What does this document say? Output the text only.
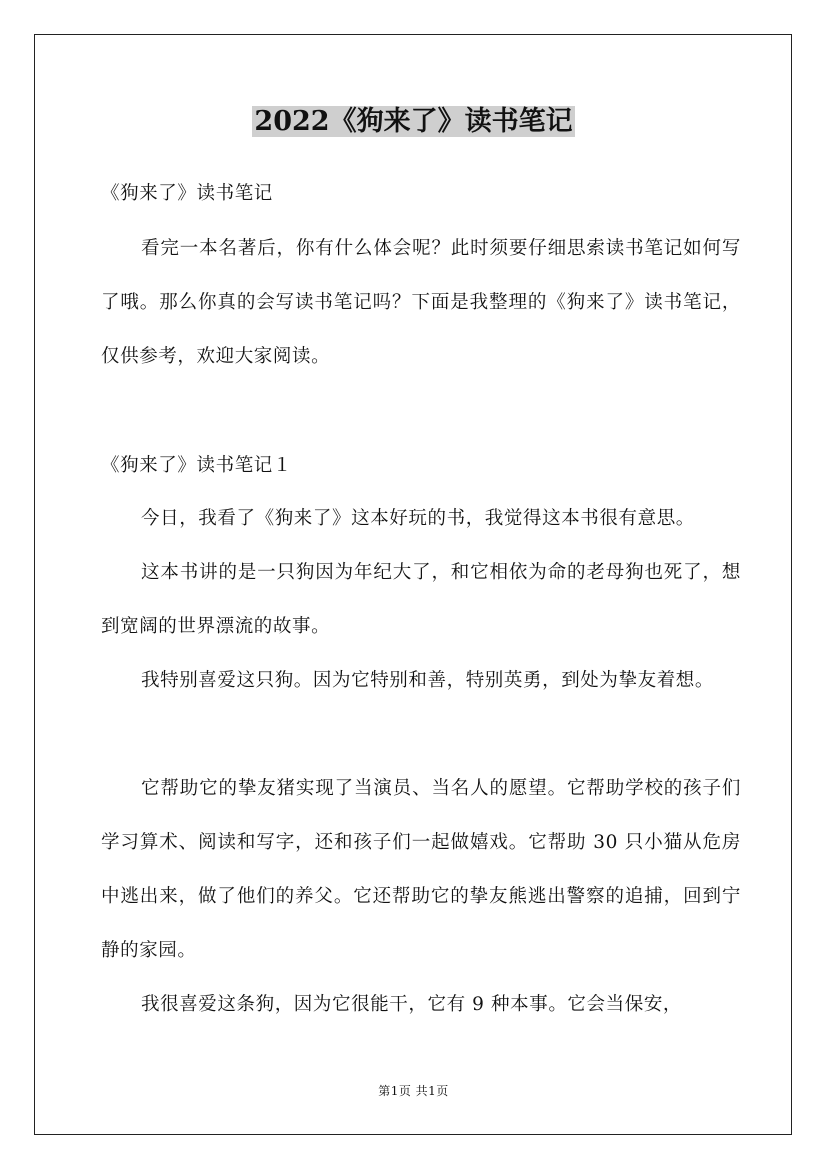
2022《狗来了》读书笔记

《狗来了》读书笔记

看完一本名著后，你有什么体会呢？此时须要仔细思索读书笔记如何写了哦。那么你真的会写读书笔记吗？下面是我整理的《狗来了》读书笔记，仅供参考，欢迎大家阅读。

《狗来了》读书笔记１

今日，我看了《狗来了》这本好玩的书，我觉得这本书很有意思。

这本书讲的是一只狗因为年纪大了，和它相依为命的老母狗也死了，想到宽阔的世界漂流的故事。

我特别喜爱这只狗。因为它特别和善，特别英勇，到处为挚友着想。

它帮助它的挚友猪实现了当演员、当名人的愿望。它帮助学校的孩子们学习算术、阅读和写字，还和孩子们一起做嬉戏。它帮助 30 只小猫从危房中逃出来，做了他们的养父。它还帮助它的挚友熊逃出警察的追捕，回到宁静的家园。

我很喜爱这条狗，因为它很能干，它有 9 种本事。它会当保安，

第1页 共1页
